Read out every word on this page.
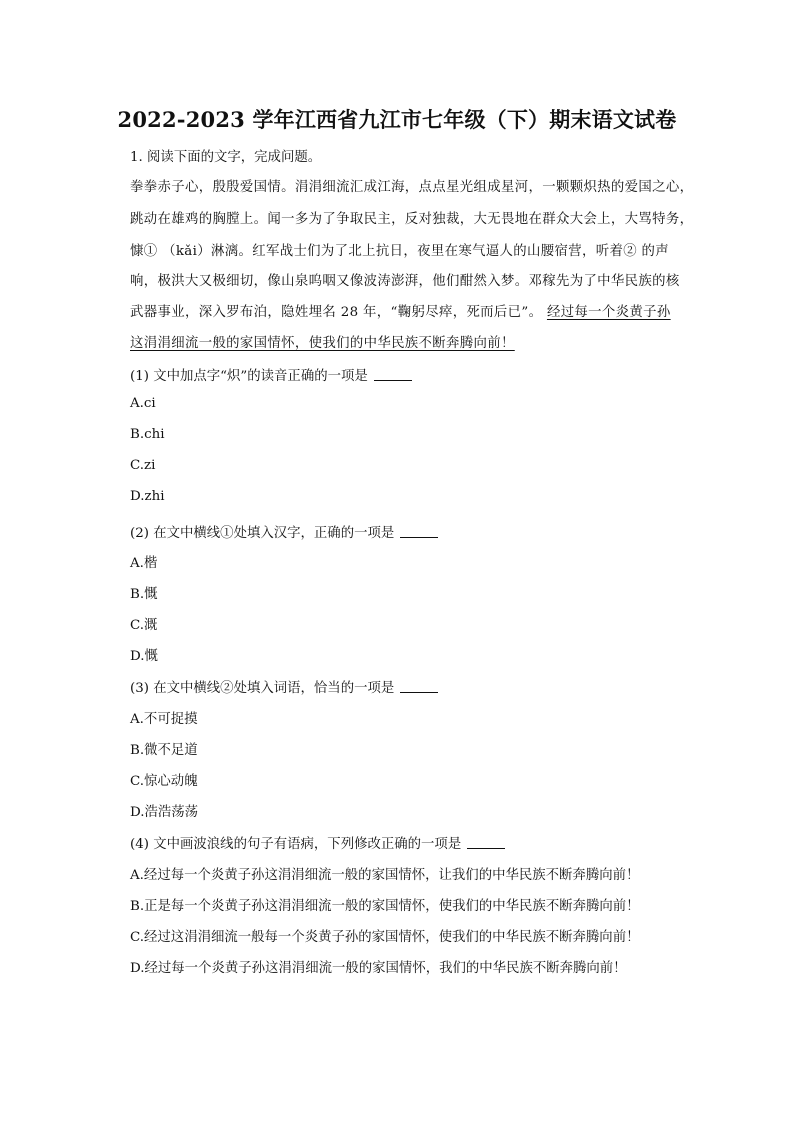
2022-2023 学年江西省九江市七年级（下）期末语文试卷
1. 阅读下面的文字，完成问题。
拳拳赤子心，殷殷爱国情。涓涓细流汇成江海，点点星光组成星河，一颗颗炽热的爱国之心，
跳动在雄鸡的胸膛上。闻一多为了争取民主，反对独裁，大无畏地在群众大会上，大骂特务，
慷① （kǎi）淋漓。红军战士们为了北上抗日，夜里在寒气逼人的山腰宿营，听着② 的声
响，极洪大又极细切，像山泉呜咽又像波涛澎湃，他们酣然入梦。邓稼先为了中华民族的核
武器事业，深入罗布泊，隐姓埋名 28 年，“鞠躬尽瘁，死而后已”。 经过每一个炎黄子孙
这涓涓细流一般的家国情怀，使我们的中华民族不断奔腾向前！
(1) 文中加点字“炽”的读音正确的一项是
A.ci
B.chi
C.zi
D.zhi
(2) 在文中横线①处填入汉字，正确的一项是
A.楷
B.慨
C.溉
D.慨
(3) 在文中横线②处填入词语，恰当的一项是
A.不可捉摸
B.微不足道
C.惊心动魄
D.浩浩荡荡
(4) 文中画波浪线的句子有语病，下列修改正确的一项是
A.经过每一个炎黄子孙这涓涓细流一般的家国情怀，让我们的中华民族不断奔腾向前！
B.正是每一个炎黄子孙这涓涓细流一般的家国情怀，使我们的中华民族不断奔腾向前！
C.经过这涓涓细流一般每一个炎黄子孙的家国情怀，使我们的中华民族不断奔腾向前！
D.经过每一个炎黄子孙这涓涓细流一般的家国情怀，我们的中华民族不断奔腾向前！
